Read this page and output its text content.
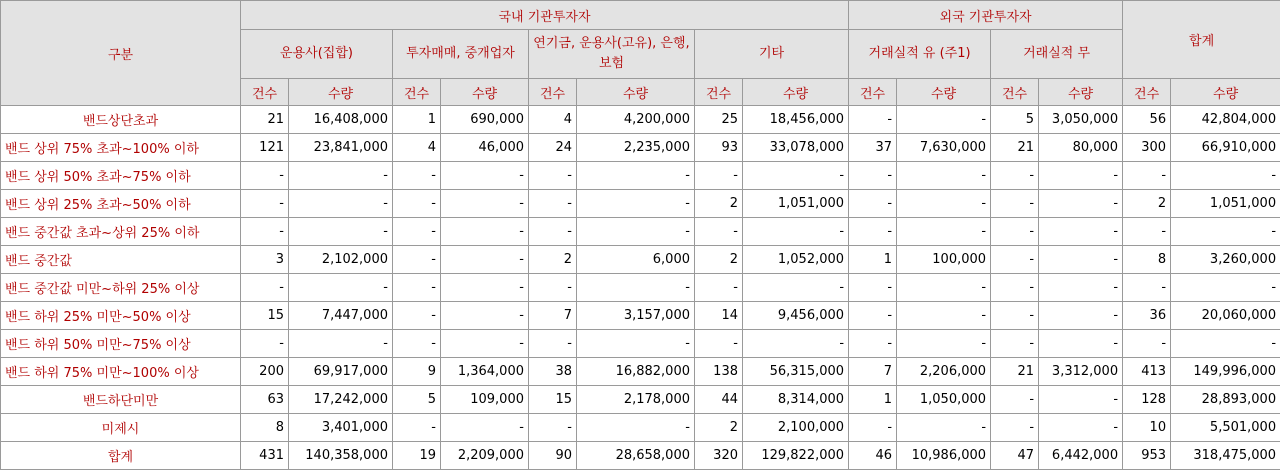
구분	국내 기관투자자								외국 기관투자자				합계	
	운용사(집합)		투자매매, 중개업자		연기금, 운용사(고유), 은행, 보험		기타		거래실적 유 (주1)		거래실적 무			
	건수	수량	건수	수량	건수	수량	건수	수량	건수	수량	건수	수량	건수	수량
밴드상단초과	21	16,408,000	1	690,000	4	4,200,000	25	18,456,000	-	-	5	3,050,000	56	42,804,000
밴드 상위 75% 초과~100% 이하	121	23,841,000	4	46,000	24	2,235,000	93	33,078,000	37	7,630,000	21	80,000	300	66,910,000
밴드 상위 50% 초과~75% 이하	-	-	-	-	-	-	-	-	-	-	-	-	-	-
밴드 상위 25% 초과~50% 이하	-	-	-	-	-	-	2	1,051,000	-	-	-	-	2	1,051,000
밴드 중간값 초과~상위 25% 이하	-	-	-	-	-	-	-	-	-	-	-	-	-	-
밴드 중간값	3	2,102,000	-	-	2	6,000	2	1,052,000	1	100,000	-	-	8	3,260,000
밴드 중간값 미만~하위 25% 이상	-	-	-	-	-	-	-	-	-	-	-	-	-	-
밴드 하위 25% 미만~50% 이상	15	7,447,000	-	-	7	3,157,000	14	9,456,000	-	-	-	-	36	20,060,000
밴드 하위 50% 미만~75% 이상	-	-	-	-	-	-	-	-	-	-	-	-	-	-
밴드 하위 75% 미만~100% 이상	200	69,917,000	9	1,364,000	38	16,882,000	138	56,315,000	7	2,206,000	21	3,312,000	413	149,996,000
밴드하단미만	63	17,242,000	5	109,000	15	2,178,000	44	8,314,000	1	1,050,000	-	-	128	28,893,000
미제시	8	3,401,000	-	-	-	-	2	2,100,000	-	-	-	-	10	5,501,000
합계	431	140,358,000	19	2,209,000	90	28,658,000	320	129,822,000	46	10,986,000	47	6,442,000	953	318,475,000
